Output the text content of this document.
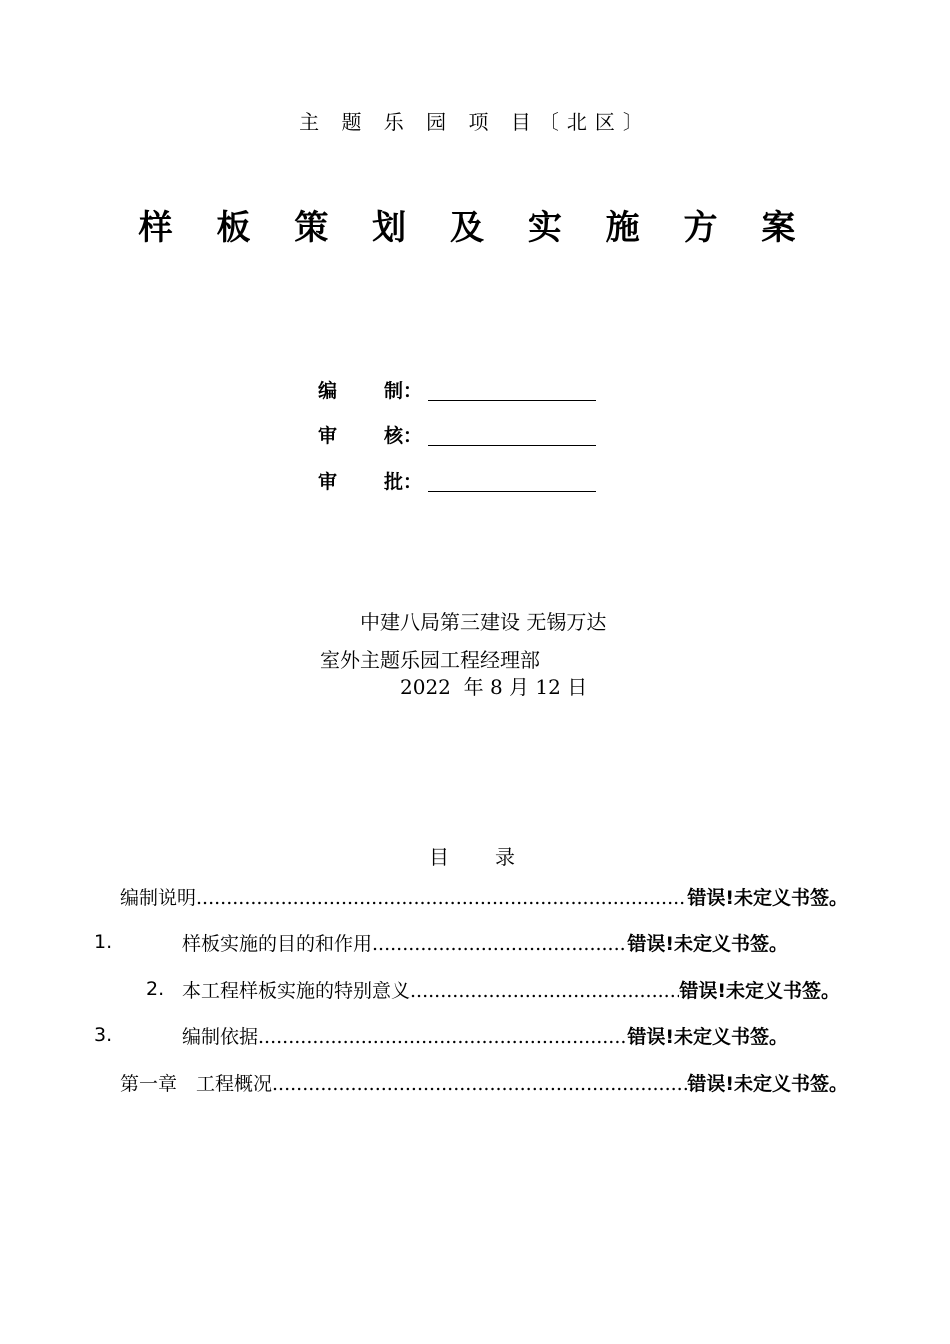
主 题 乐 园 项 目〔北区〕
样 板 策 划 及 实 施 方 案
编 制：
审 核：
审 批：
中建八局第三建设 无锡万达
室外主题乐园工程经理部
2022  年 8 月 12 日
目录
编制说明 .....	错误!未定义书签。
1.	样板实施的目的和作用 .....	错误!未定义书签。
2. 本工程样板实施的特别意义 .....	错误!未定义书签。
3.	编制依据 .....	错误!未定义书签。
第一章　工程概况 .....	错误!未定义书签。
